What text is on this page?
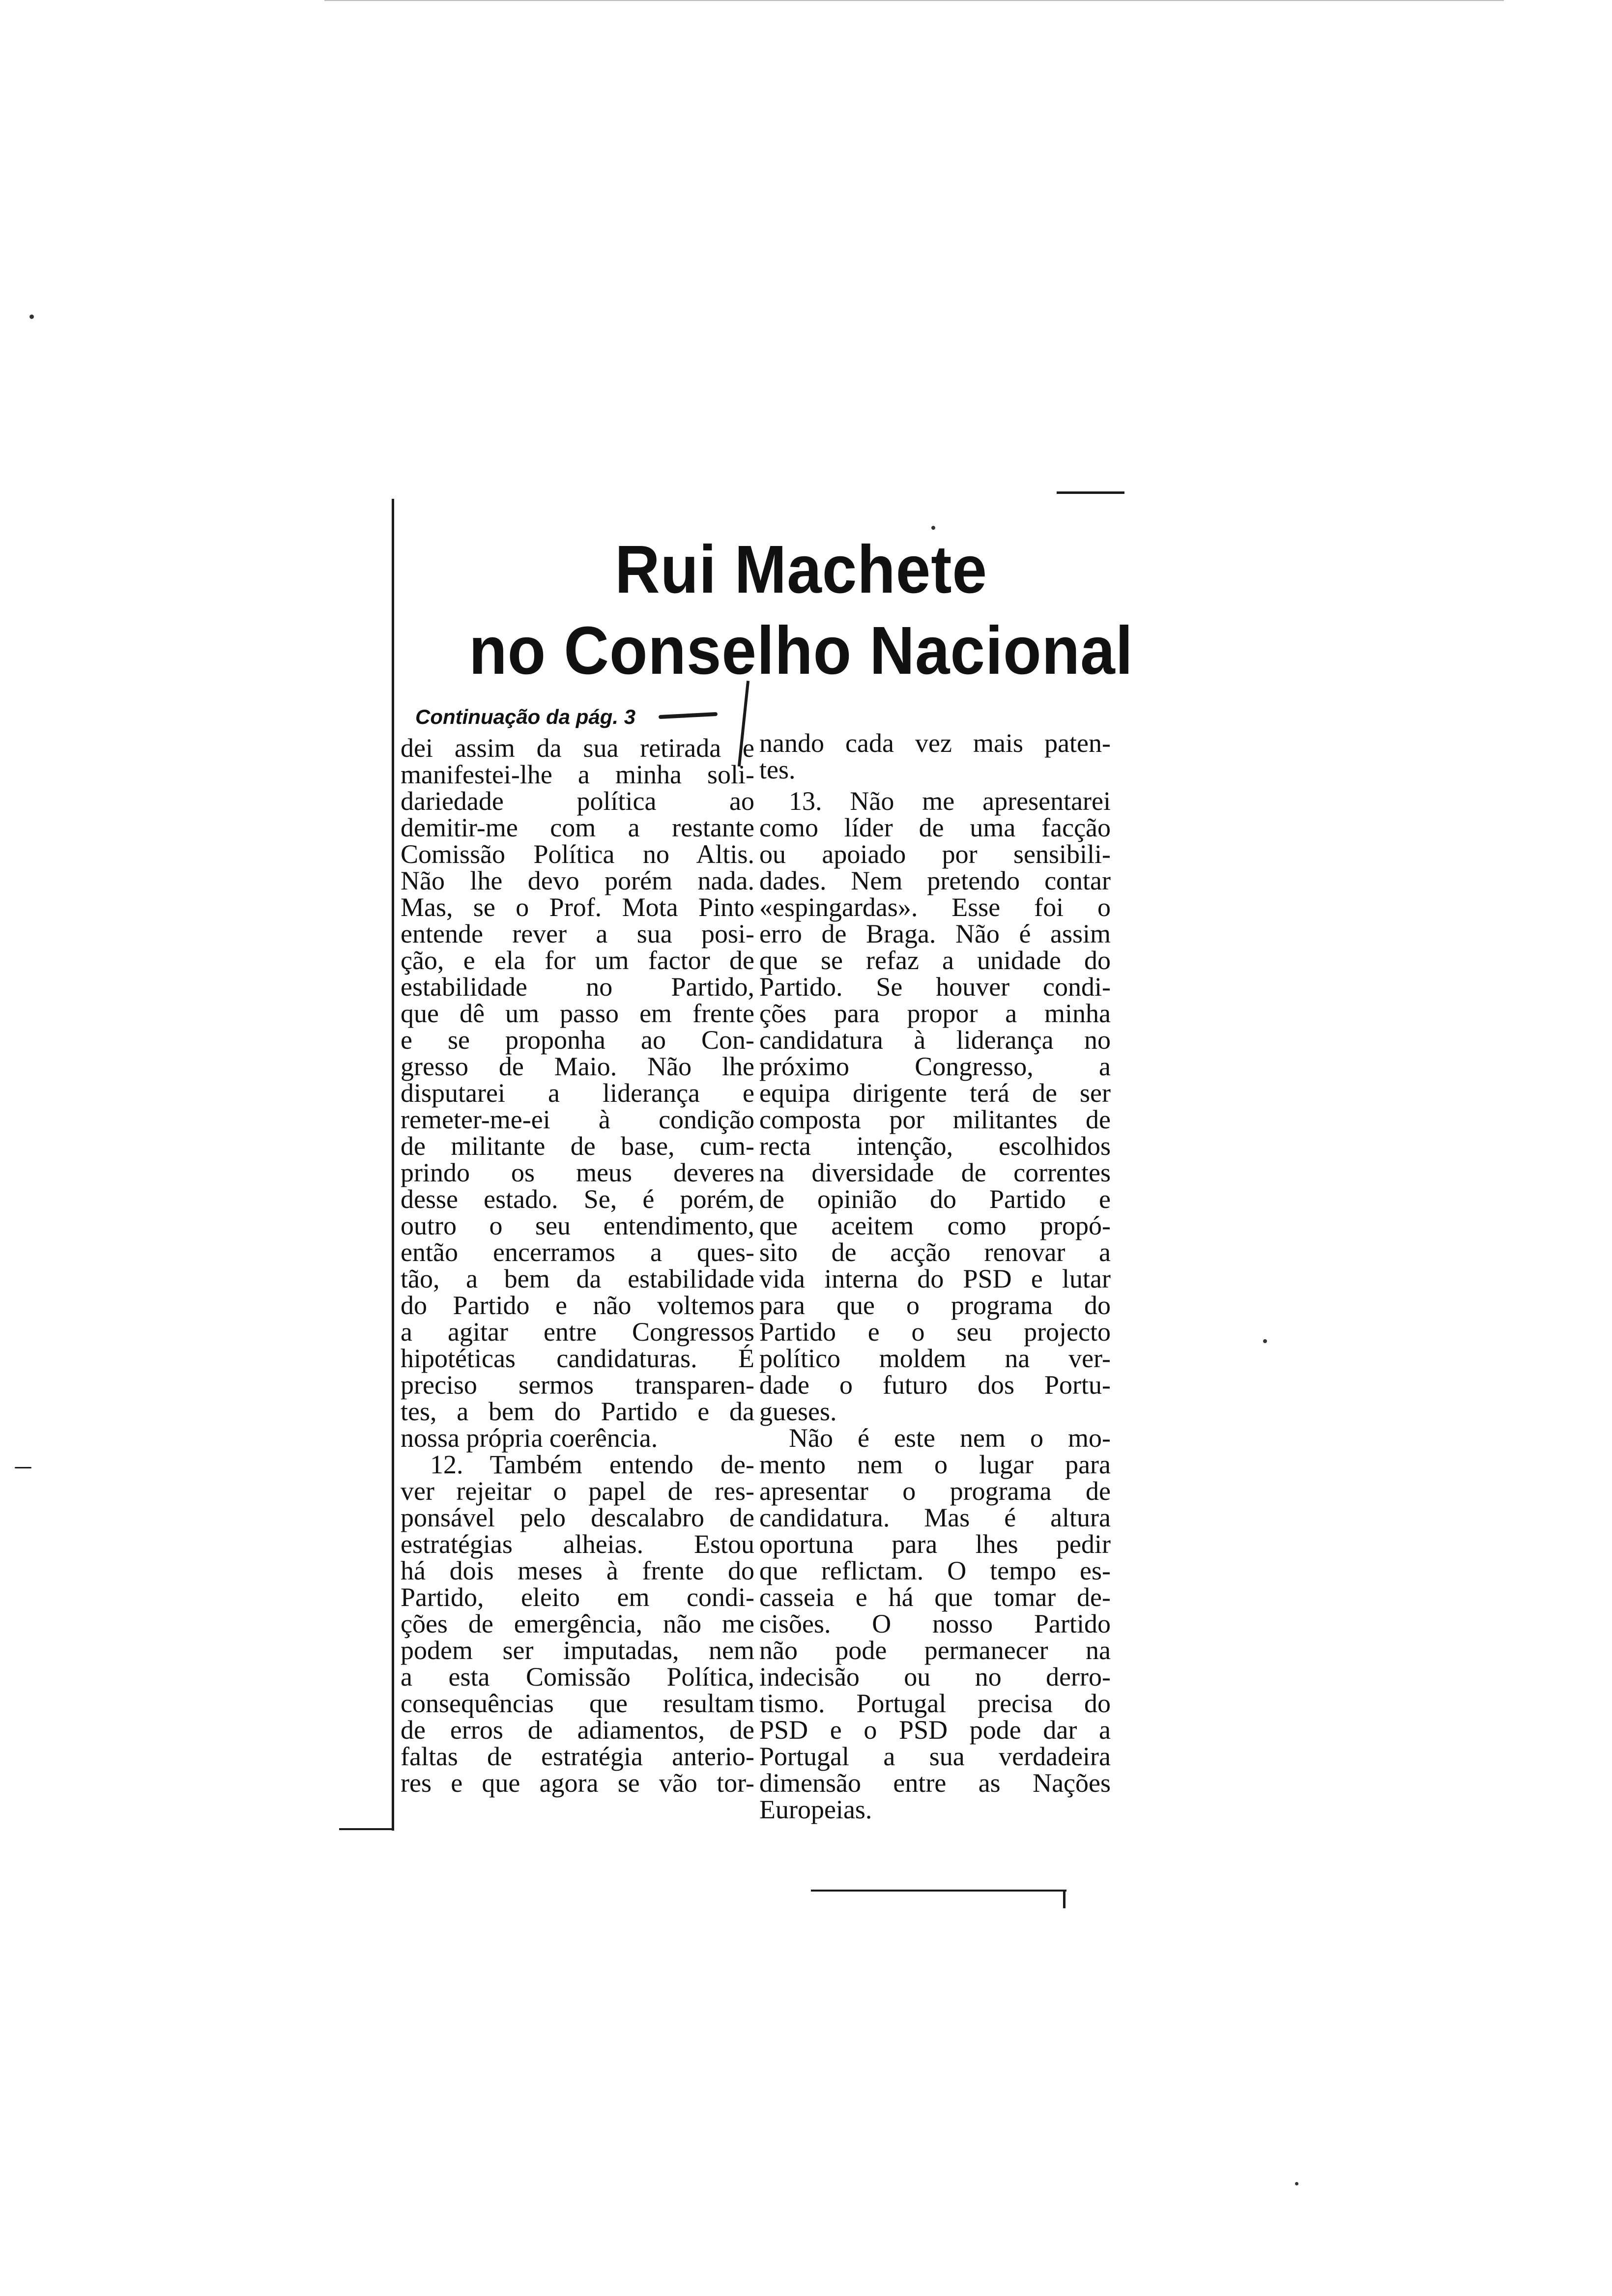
Rui Machete
no Conselho Nacional
Continuação da pág. 3
dei assim da sua retirada e
manifestei-lhe a minha soli-
dariedade política ao
demitir-me com a restante
Comissão Política no Altis.
Não lhe devo porém nada.
Mas, se o Prof. Mota Pinto
entende rever a sua posi-
ção, e ela for um factor de
estabilidade no Partido,
que dê um passo em frente
e se proponha ao Con-
gresso de Maio. Não lhe
disputarei a liderança e
remeter-me-ei à condição
de militante de base, cum-
prindo os meus deveres
desse estado. Se, é porém,
outro o seu entendimento,
então encerramos a ques-
tão, a bem da estabilidade
do Partido e não voltemos
a agitar entre Congressos
hipotéticas candidaturas. É
preciso sermos transparen-
tes, a bem do Partido e da
nossa própria coerência.
12. Também entendo de-
ver rejeitar o papel de res-
ponsável pelo descalabro de
estratégias alheias. Estou
há dois meses à frente do
Partido, eleito em condi-
ções de emergência, não me
podem ser imputadas, nem
a esta Comissão Política,
consequências que resultam
de erros de adiamentos, de
faltas de estratégia anterio-
res e que agora se vão tor-
nando cada vez mais paten-
tes.
13. Não me apresentarei
como líder de uma facção
ou apoiado por sensibili-
dades. Nem pretendo contar
«espingardas». Esse foi o
erro de Braga. Não é assim
que se refaz a unidade do
Partido. Se houver condi-
ções para propor a minha
candidatura à liderança no
próximo Congresso, a
equipa dirigente terá de ser
composta por militantes de
recta intenção, escolhidos
na diversidade de correntes
de opinião do Partido e
que aceitem como propó-
sito de acção renovar a
vida interna do PSD e lutar
para que o programa do
Partido e o seu projecto
político moldem na ver-
dade o futuro dos Portu-
gueses.
Não é este nem o mo-
mento nem o lugar para
apresentar o programa de
candidatura. Mas é altura
oportuna para lhes pedir
que reflictam. O tempo es-
casseia e há que tomar de-
cisões. O nosso Partido
não pode permanecer na
indecisão ou no derro-
tismo. Portugal precisa do
PSD e o PSD pode dar a
Portugal a sua verdadeira
dimensão entre as Nações
Europeias.
